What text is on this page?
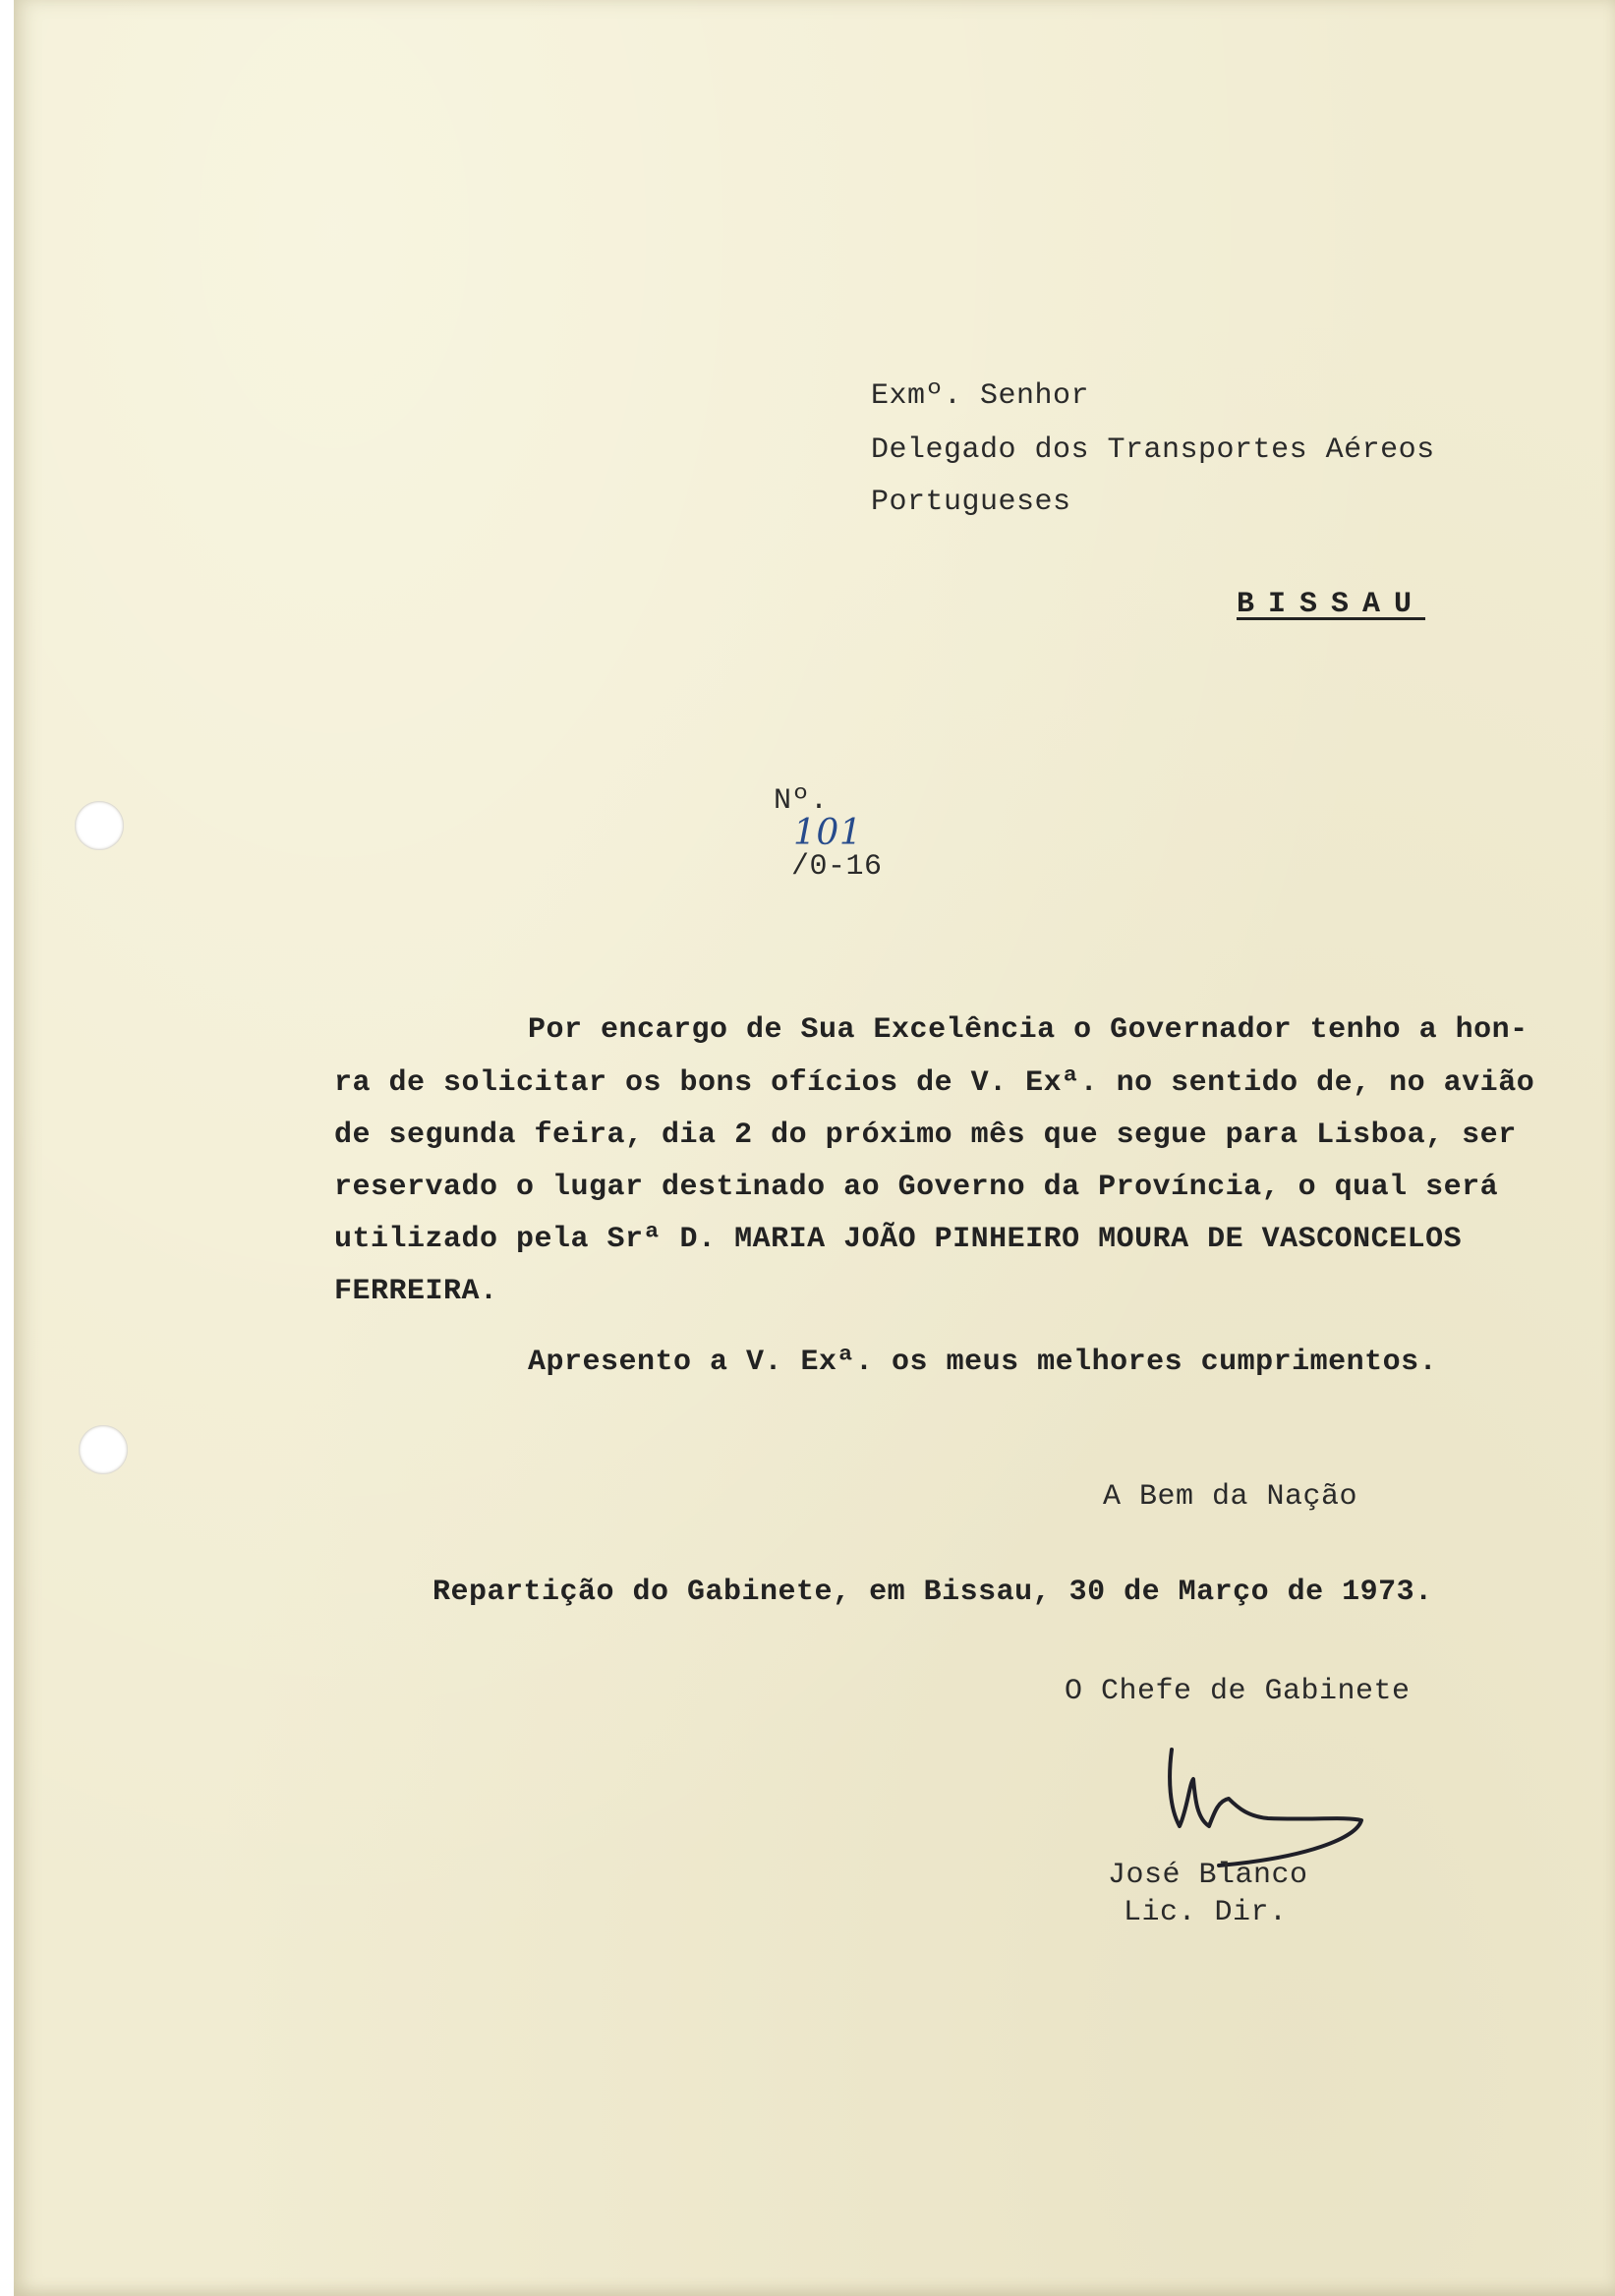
Exmº. Senhor
Delegado dos Transportes Aéreos
Portugueses
BISSAU

Nº.
101
/0-16

Por encargo de Sua Excelência o Governador tenho a hon-
ra de solicitar os bons ofícios de V. Exª. no sentido de, no avião
de segunda feira, dia 2 do próximo mês que segue para Lisboa, ser
reservado o lugar destinado ao Governo da Província, o qual será
utilizado pela Srª D. MARIA JOÃO PINHEIRO MOURA DE VASCONCELOS
FERREIRA.
Apresento a V. Exª. os meus melhores cumprimentos.
A Bem da Nação
Repartição do Gabinete, em Bissau, 30 de Março de 1973.
O Chefe de Gabinete
José Blanco
Lic. Dir.
